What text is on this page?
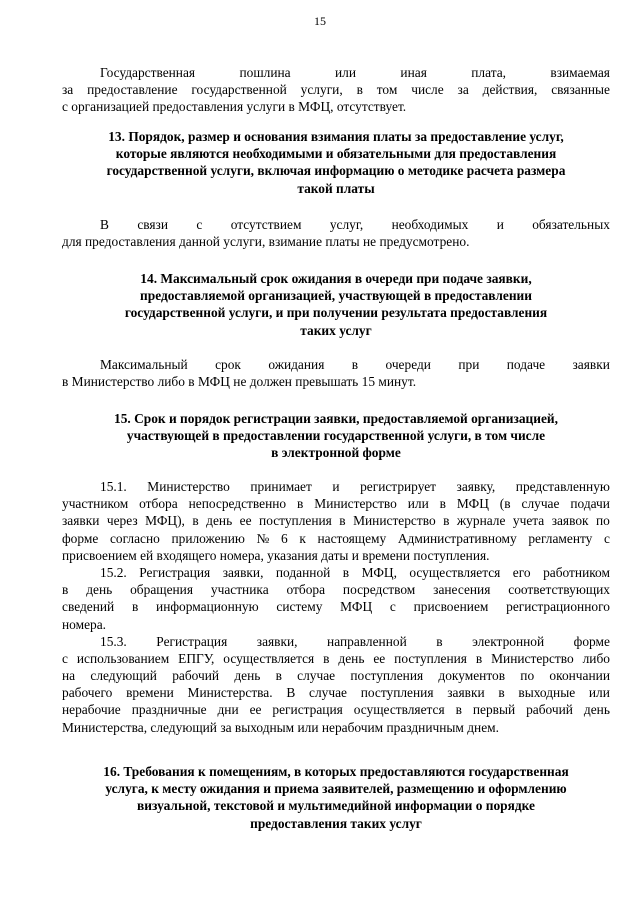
15
Государственная	пошлина	или	иная	плата,	взимаемая
за предоставление государственной услуги, в том числе за действия, связанные
с организацией предоставления услуги в МФЦ, отсутствует.
13. Порядок, размер и основания взимания платы за предоставление услуг,
которые являются необходимыми и обязательными для предоставления
государственной услуги, включая информацию о методике расчета размера
такой платы
В связи с отсутствием услуг, необходимых и обязательных
для предоставления данной услуги, взимание платы не предусмотрено.
14. Максимальный срок ожидания в очереди при подаче заявки,
предоставляемой организацией, участвующей в предоставлении
государственной услуги, и при получении результата предоставления
таких услуг
Максимальный срок ожидания в очереди при подаче заявки
в Министерство либо в МФЦ не должен превышать 15 минут.
15. Срок и порядок регистрации заявки, предоставляемой организацией,
участвующей в предоставлении государственной услуги, в том числе
в электронной форме
15.1. Министерство принимает и регистрирует заявку, представленную
участником отбора непосредственно в Министерство или в МФЦ (в случае подачи
заявки через МФЦ), в день ее поступления в Министерство в журнале учета заявок по
форме согласно приложению № 6 к настоящему Административному регламенту с
присвоением ей входящего номера, указания даты и времени поступления.
15.2. Регистрация заявки, поданной в МФЦ, осуществляется его работником
в день обращения участника отбора посредством занесения соответствующих
сведений в информационную систему МФЦ с присвоением регистрационного
номера.
15.3. Регистрация заявки, направленной в электронной форме
с использованием ЕПГУ, осуществляется в день ее поступления в Министерство либо
на следующий рабочий день в случае поступления документов по окончании
рабочего времени Министерства. В случае поступления заявки в выходные или
нерабочие праздничные дни ее регистрация осуществляется в первый рабочий день
Министерства, следующий за выходным или нерабочим праздничным днем.
16. Требования к помещениям, в которых предоставляются государственная
услуга, к месту ожидания и приема заявителей, размещению и оформлению
визуальной, текстовой и мультимедийной информации о порядке
предоставления таких услуг
